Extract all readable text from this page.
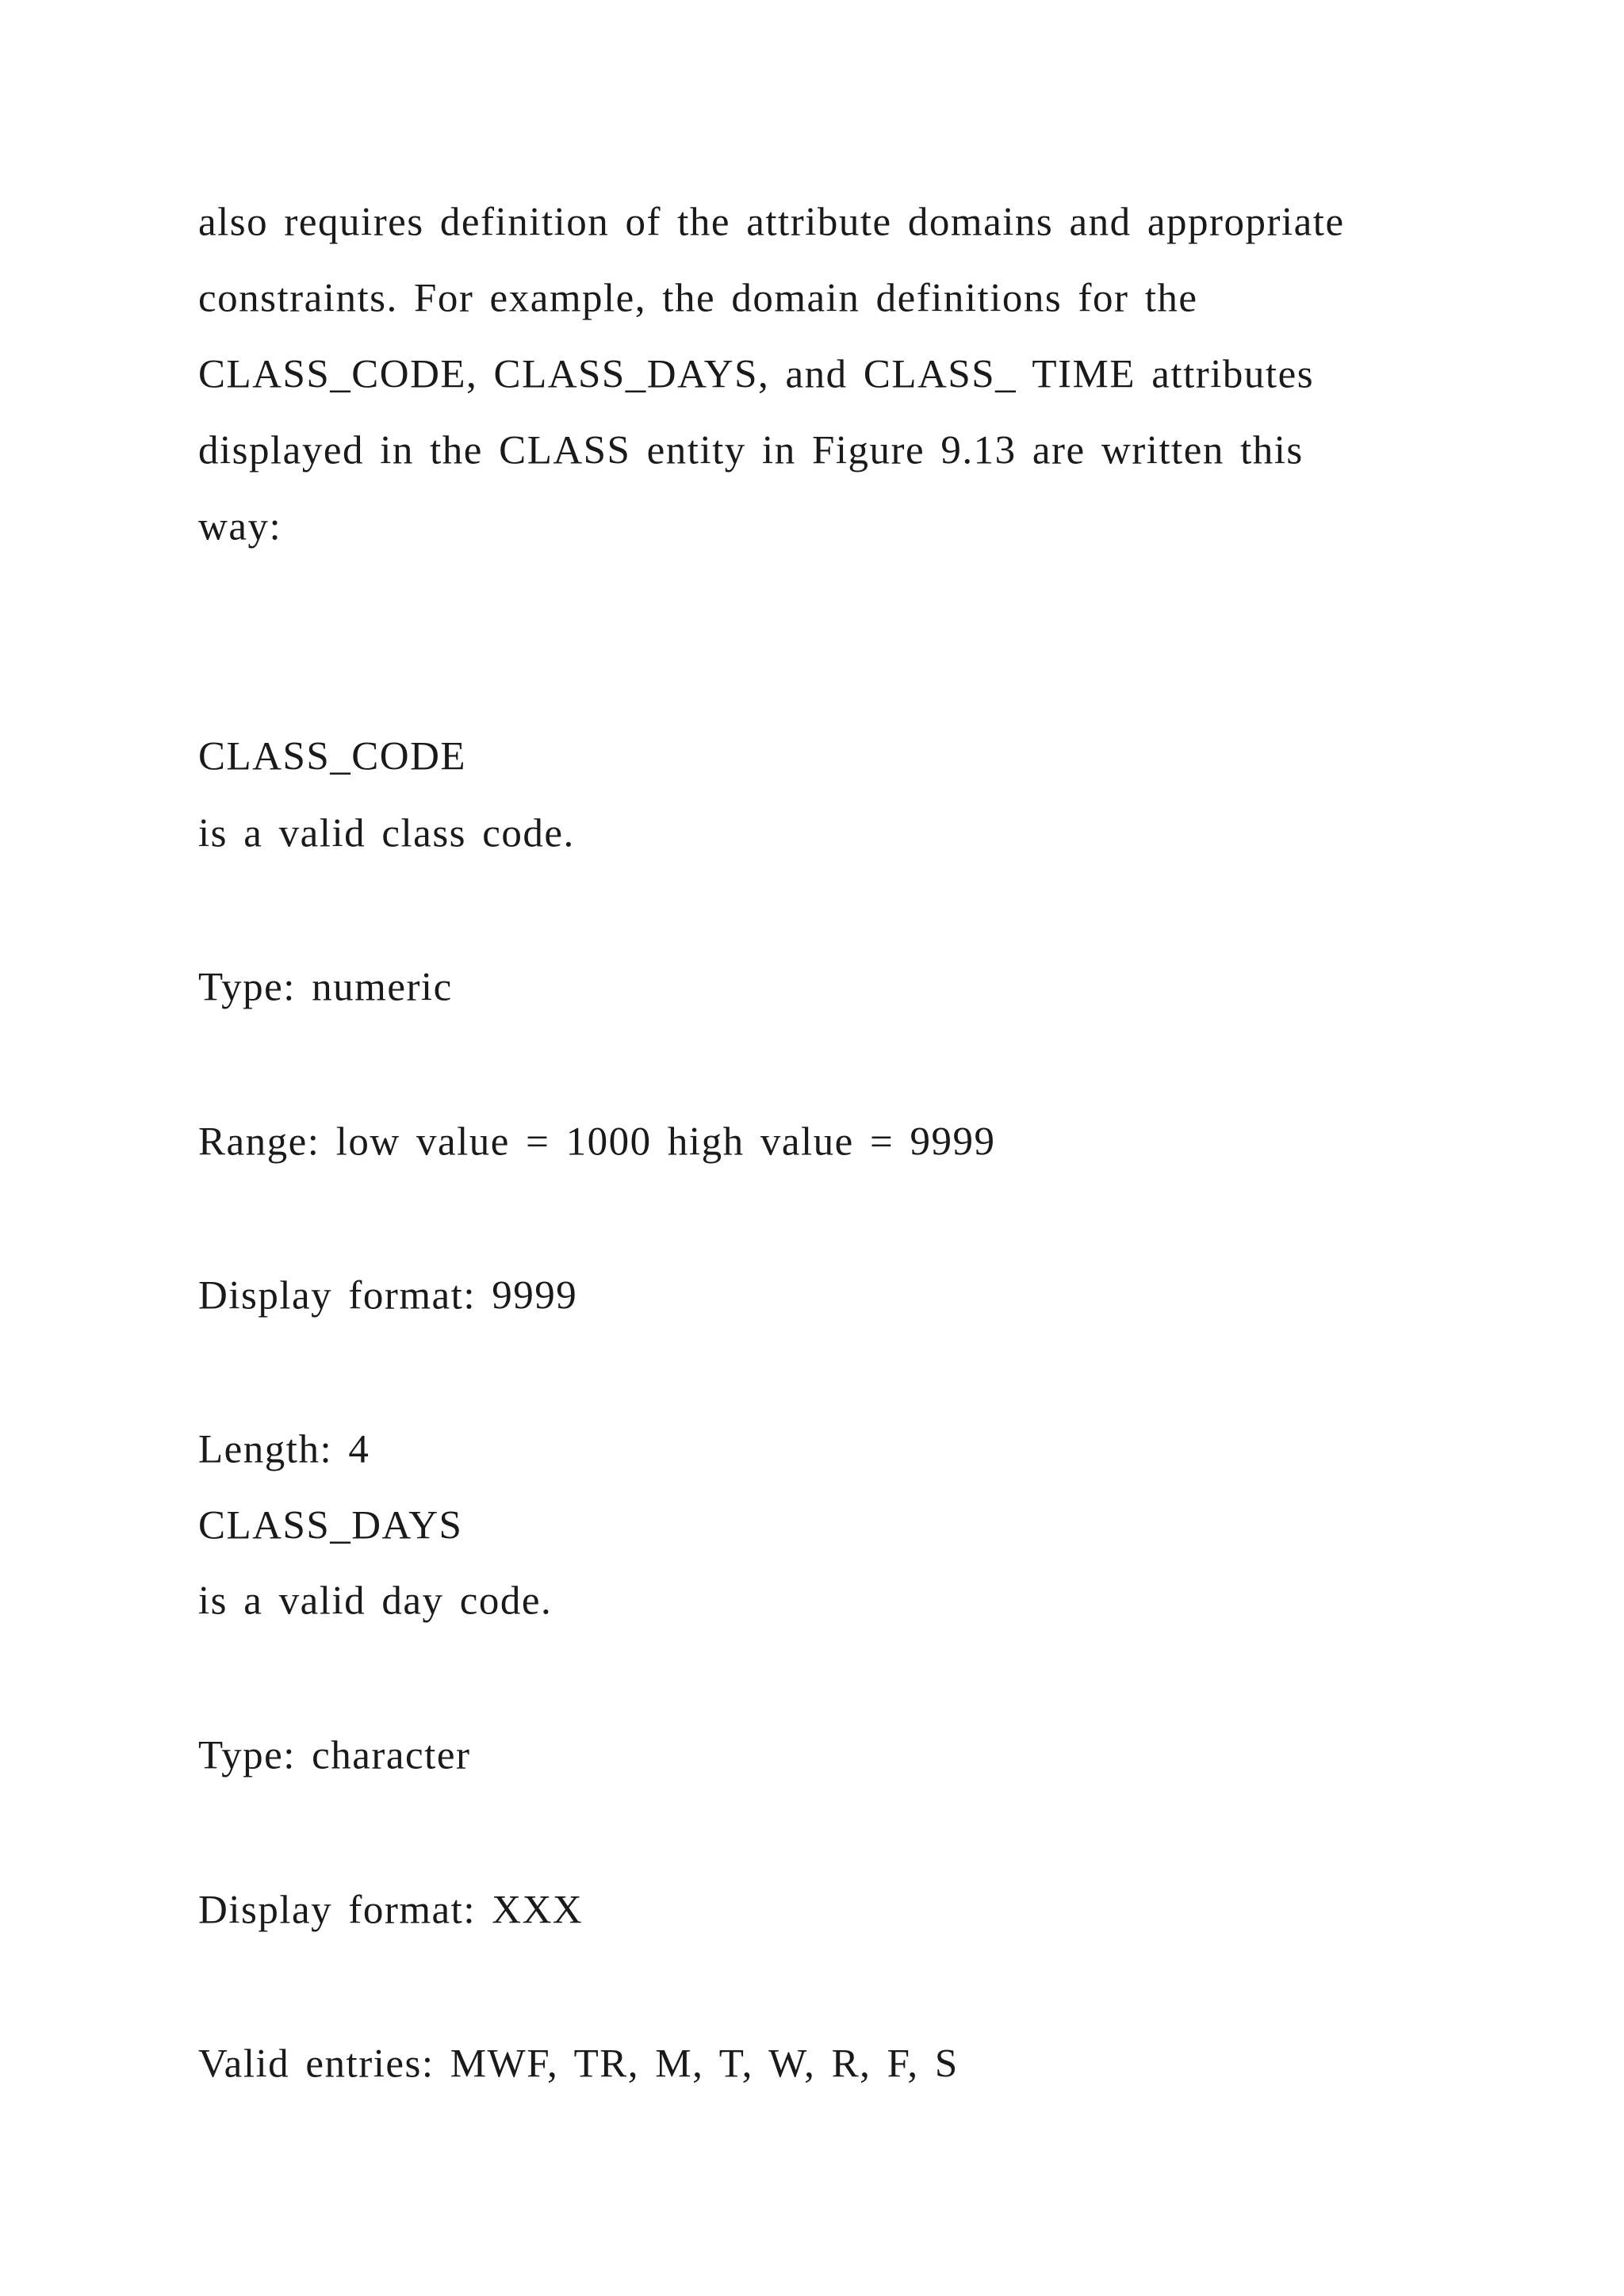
also requires definition of the attribute domains and appropriate

constraints. For example, the domain definitions for the

CLASS_CODE, CLASS_DAYS, and CLASS_ TIME attributes

displayed in the CLASS entity in Figure 9.13 are written this

way:

CLASS_CODE

is a valid class code.

Type: numeric

Range: low value = 1000 high value = 9999

Display format: 9999

Length: 4

CLASS_DAYS

is a valid day code.

Type: character

Display format: XXX

Valid entries: MWF, TR, M, T, W, R, F, S
